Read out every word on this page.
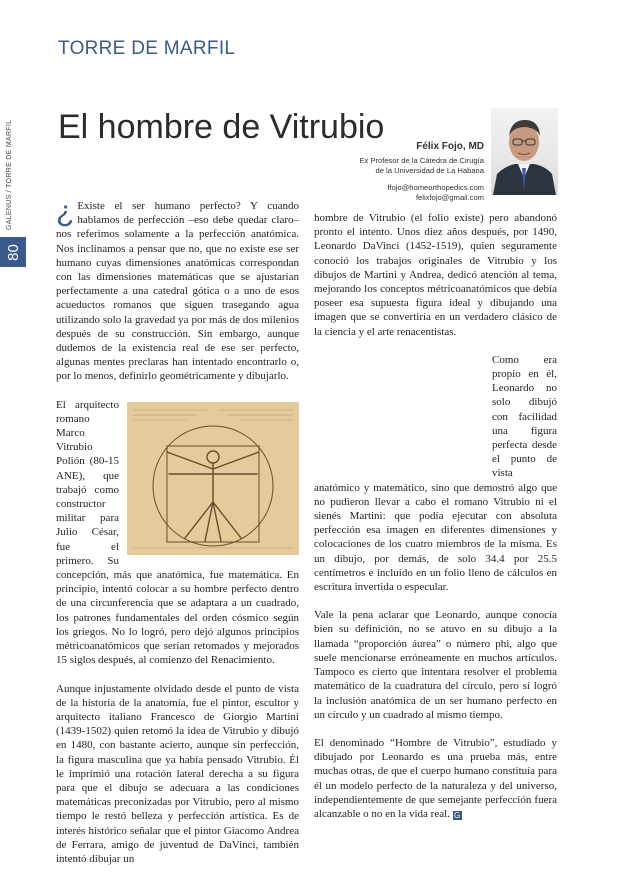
80
GALENUS / TORRE DE MARFIL
TORRE DE MARFIL
El hombre de Vitrubio
Félix Fojo, MD
Ex Profesor de la Cátedra de Cirugía
de la Universidad de La Habana
ffojo@homeorthopedics.com
felixfojo@gmail.com

¿ Existe el ser humano perfecto? Y cuando hablamos de perfección –eso debe quedar claro– nos referimos solamente a la perfección anatómica. Nos inclinamos a pensar que no, que no existe ese ser humano cuyas dimensiones anatómicas correspondan con las dimensiones matemáticas que se ajustarían perfectamente a una catedral gótica o a uno de esos acueductos romanos que siguen trasegando agua utilizando solo la gravedad ya por más de dos milenios después de su construcción. Sin embargo, aunque dudemos de la existencia real de ese ser perfecto, algunas mentes preclaras han intentado encontrarlo o, por lo menos, definirlo geométricamente y dibujarlo.

El arquitecto romano Marco Vitrubio Polión (80-15 ANE), que trabajó como constructor militar para Julio César, fue el primero. Su concepción, más que anatómica, fue matemática. En principio, intentó colocar a su hombre perfecto dentro de una circunferencia que se adaptara a un cuadrado, los patrones fundamentales del orden cósmico según los griegos. No lo logró, pero dejó algunos principios métricoanatómicos que serían retomados y mejorados 15 siglos después, al comienzo del Renacimiento.

Aunque injustamente olvidado desde el punto de vista de la historia de la anatomía, fue el pintor, escultor y arquitecto italiano Francesco de Giorgio Martini (1439-1502) quien retomó la idea de Vitrubio y dibujó en 1480, con bastante acierto, aunque sin perfección, la figura masculina que ya había pensado Vitrubio. Él le imprimió una rotación lateral derecha a su figura para que el dibujo se adecuara a las condiciones matemáticas preconizadas por Vitrubio, pero al mismo tiempo le restó belleza y perfección artística. Es de interés histórico señalar que el pintor Giacomo Andrea de Ferrara, amigo de juventud de DaVinci, también intentó dibujar un

hombre de Vitrubio (el folio existe) pero abandonó pronto el intento. Unos diez años después, por 1490, Leonardo DaVinci (1452-1519), quien seguramente conoció los trabajos originales de Vitrubio y los dibujos de Martini y Andrea, dedicó atención al tema, mejorando los conceptos métricoanatómicos que debía poseer esa supuesta figura ideal y dibujando una imagen que se convertiría en un verdadero clásico de la ciencia y el arte renacentistas.

Como era propio en él, Leonardo no solo dibujó con facilidad una figura perfecta desde el punto de vista anatómico y matemático, sino que demostró algo que no pudieron llevar a cabo el romano Vitrubio ni el sienés Martini: que podía ejecutar con absoluta perfección esa imagen en diferentes dimensiones y colocaciones de los cuatro miembros de la misma. Es un dibujo, por demás, de solo 34.4 por 25.5 centímetros e incluido en un folio lleno de cálculos en escritura invertida o especular.

Vale la pena aclarar que Leonardo, aunque conocía bien su definición, no se atuvo en su dibujo a la llamada “proporción áurea” o número phi, algo que suele mencionarse erróneamente en muchos artículos. Tampoco es cierto que intentara resolver el problema matemático de la cuadratura del círculo, pero sí logró la inclusión anatómica de un ser humano perfecto en un círculo y un cuadrado al mismo tiempo.

El denominado “Hombre de Vitrubio”, estudiado y dibujado por Leonardo es una prueba más, entre muchas otras, de que el cuerpo humano constituía para él un modelo perfecto de la naturaleza y del universo, independientemente de que semejante perfección fuera alcanzable o no en la vida real. G
